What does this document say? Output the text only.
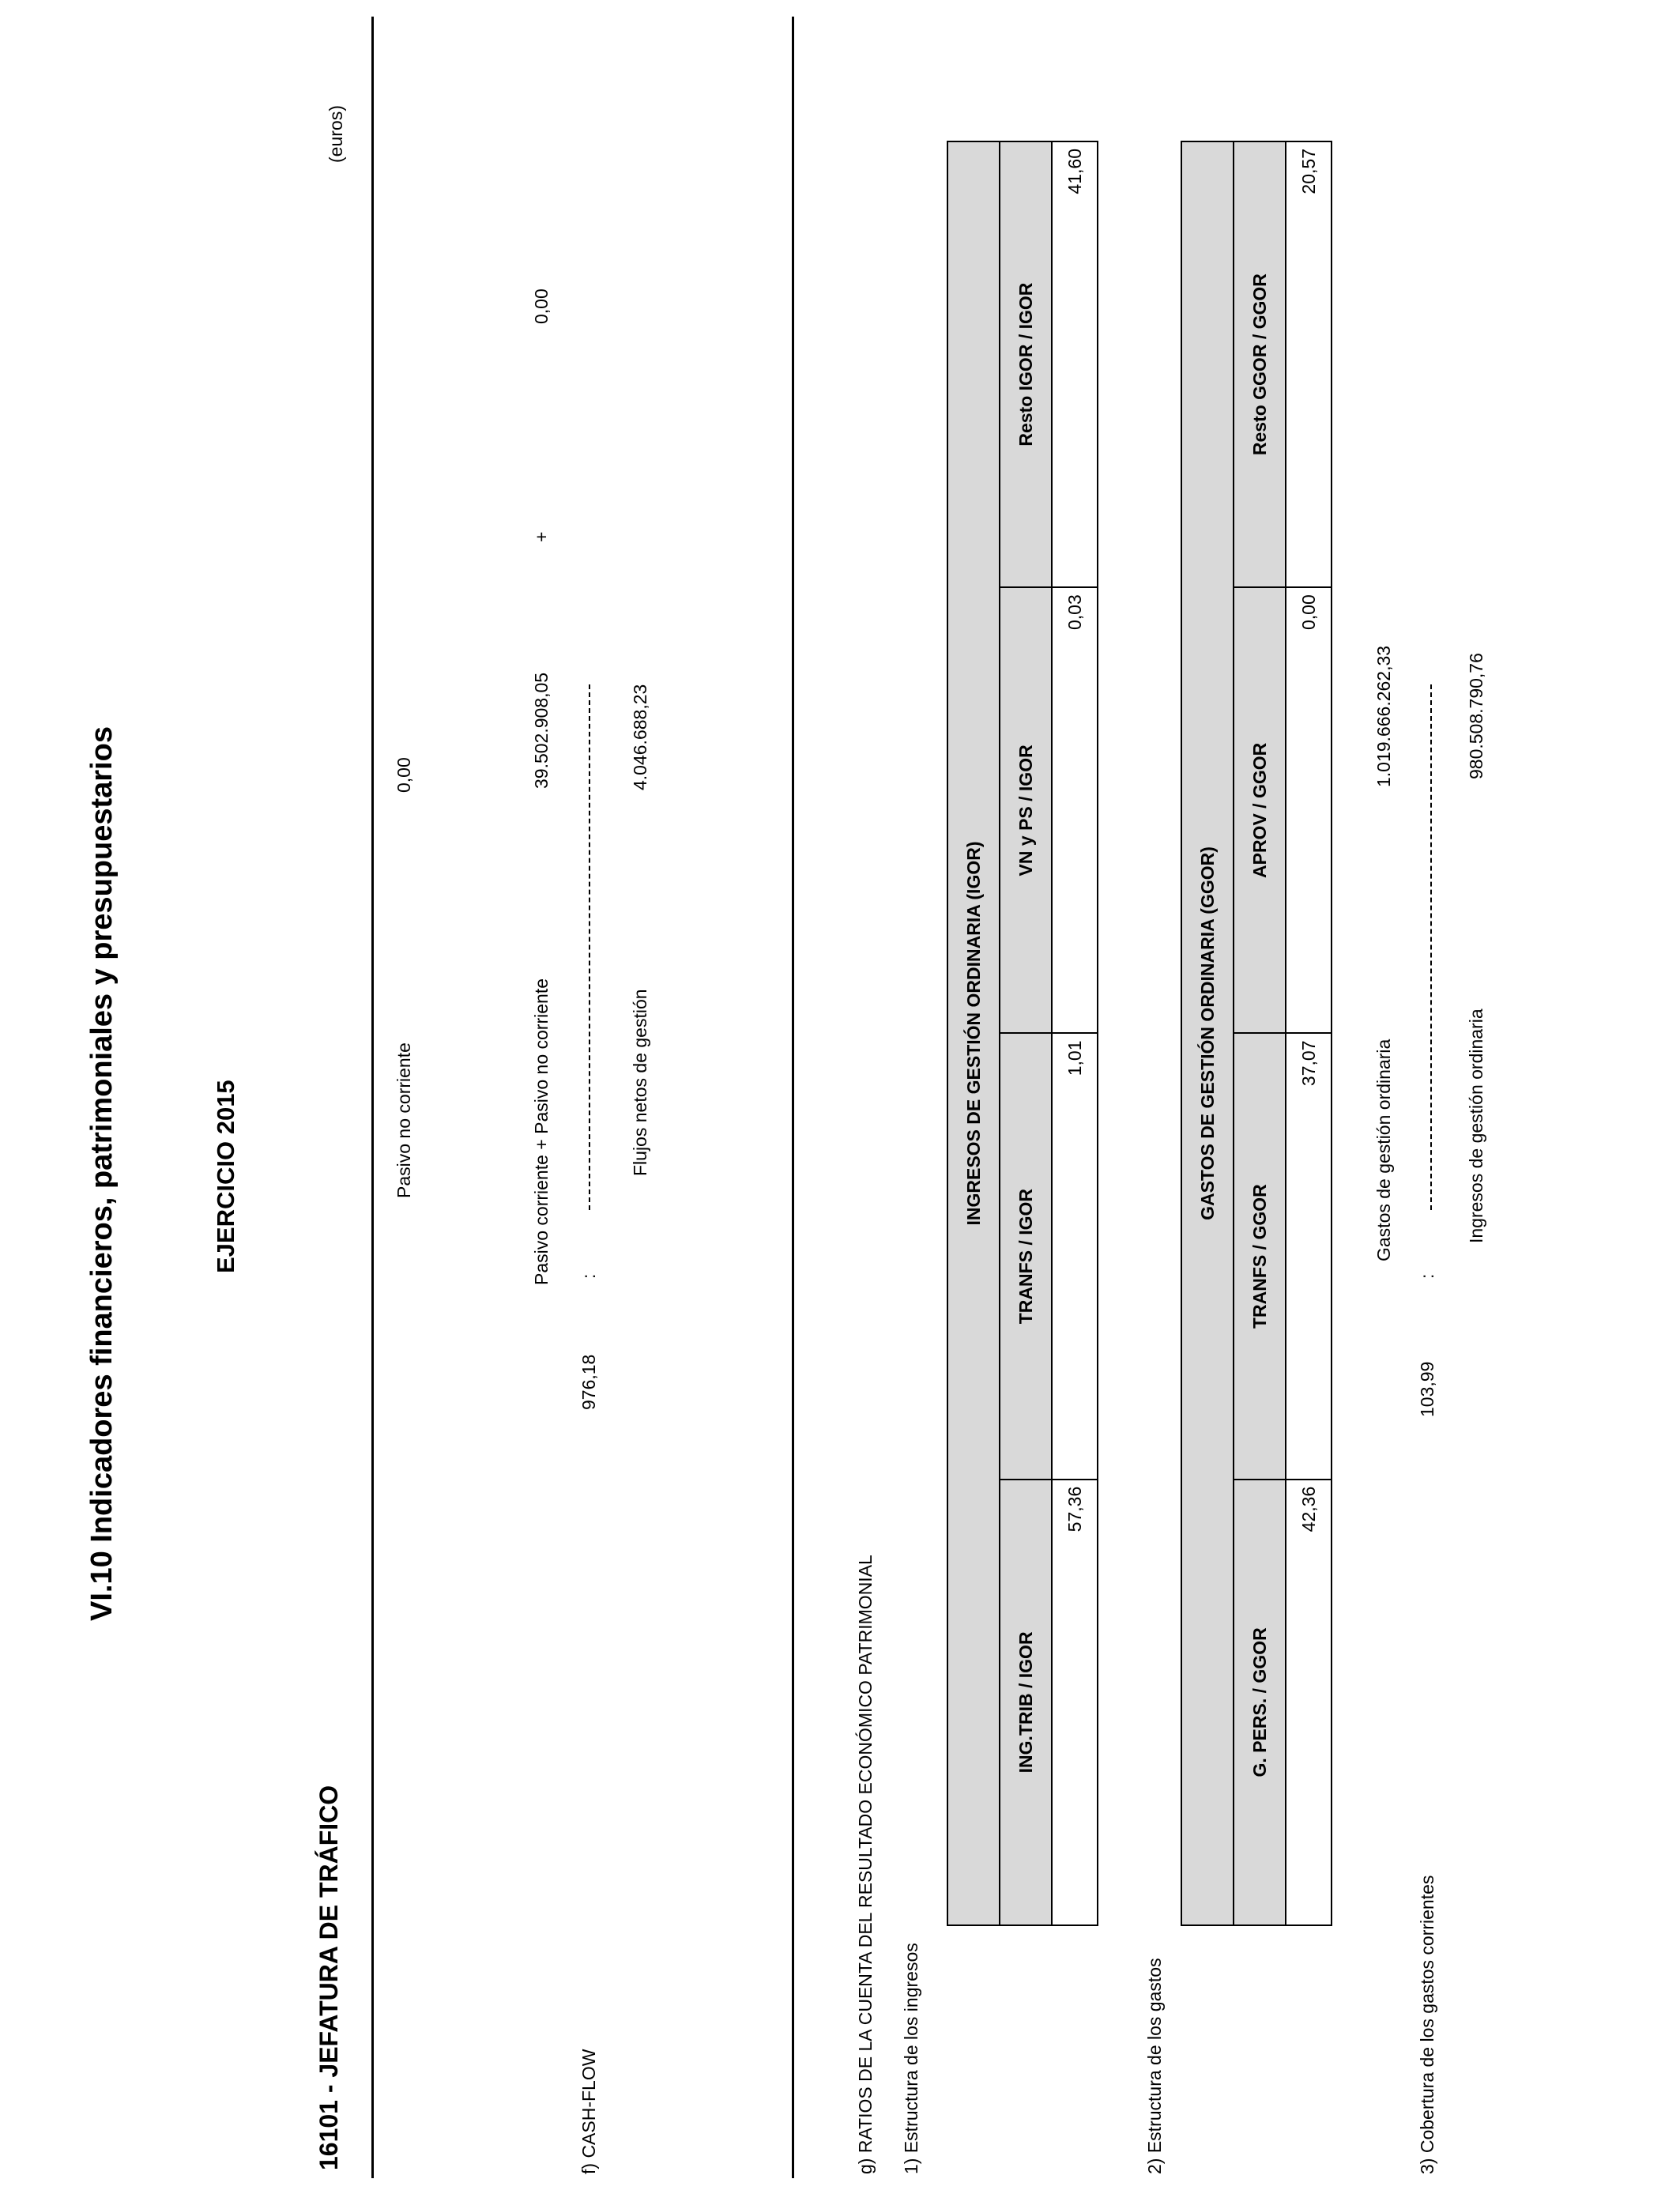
VI.10 Indicadores financieros, patrimoniales y presupuestarios	EJERCICIO 2015
16101 - JEFATURA DE TRÁFICO
(euros)
Pasivo no corriente
0,00
0,00
+
Pasivo corriente + Pasivo no corriente
39.502.908,05
f) CASH-FLOW
976,18
:
Flujos netos de gestión
4.046.688,23
g) RATIOS DE LA CUENTA DEL RESULTADO ECONÓMICO PATRIMONIAL 1) Estructura de los ingresos
INGRESOS DE GESTIÓN ORDINARIA (IGOR)			
ING.TRIB / IGOR	TRANFS / IGOR	VN y PS / IGOR	Resto IGOR / IGOR
57,36	1,01	0,03	41,60
2) Estructura de los gastos
GASTOS DE GESTIÓN ORDINARIA (GGOR)			
G. PERS. / GGOR	TRANFS / GGOR	APROV / GGOR	Resto GGOR / GGOR
42,36	37,07	0,00	20,57
Gastos de gestión ordinaria
1.019.666.262,33
3) Cobertura de los gastos corrientes
103,99
:
Ingresos de gestión ordinaria
980.508.790,76
